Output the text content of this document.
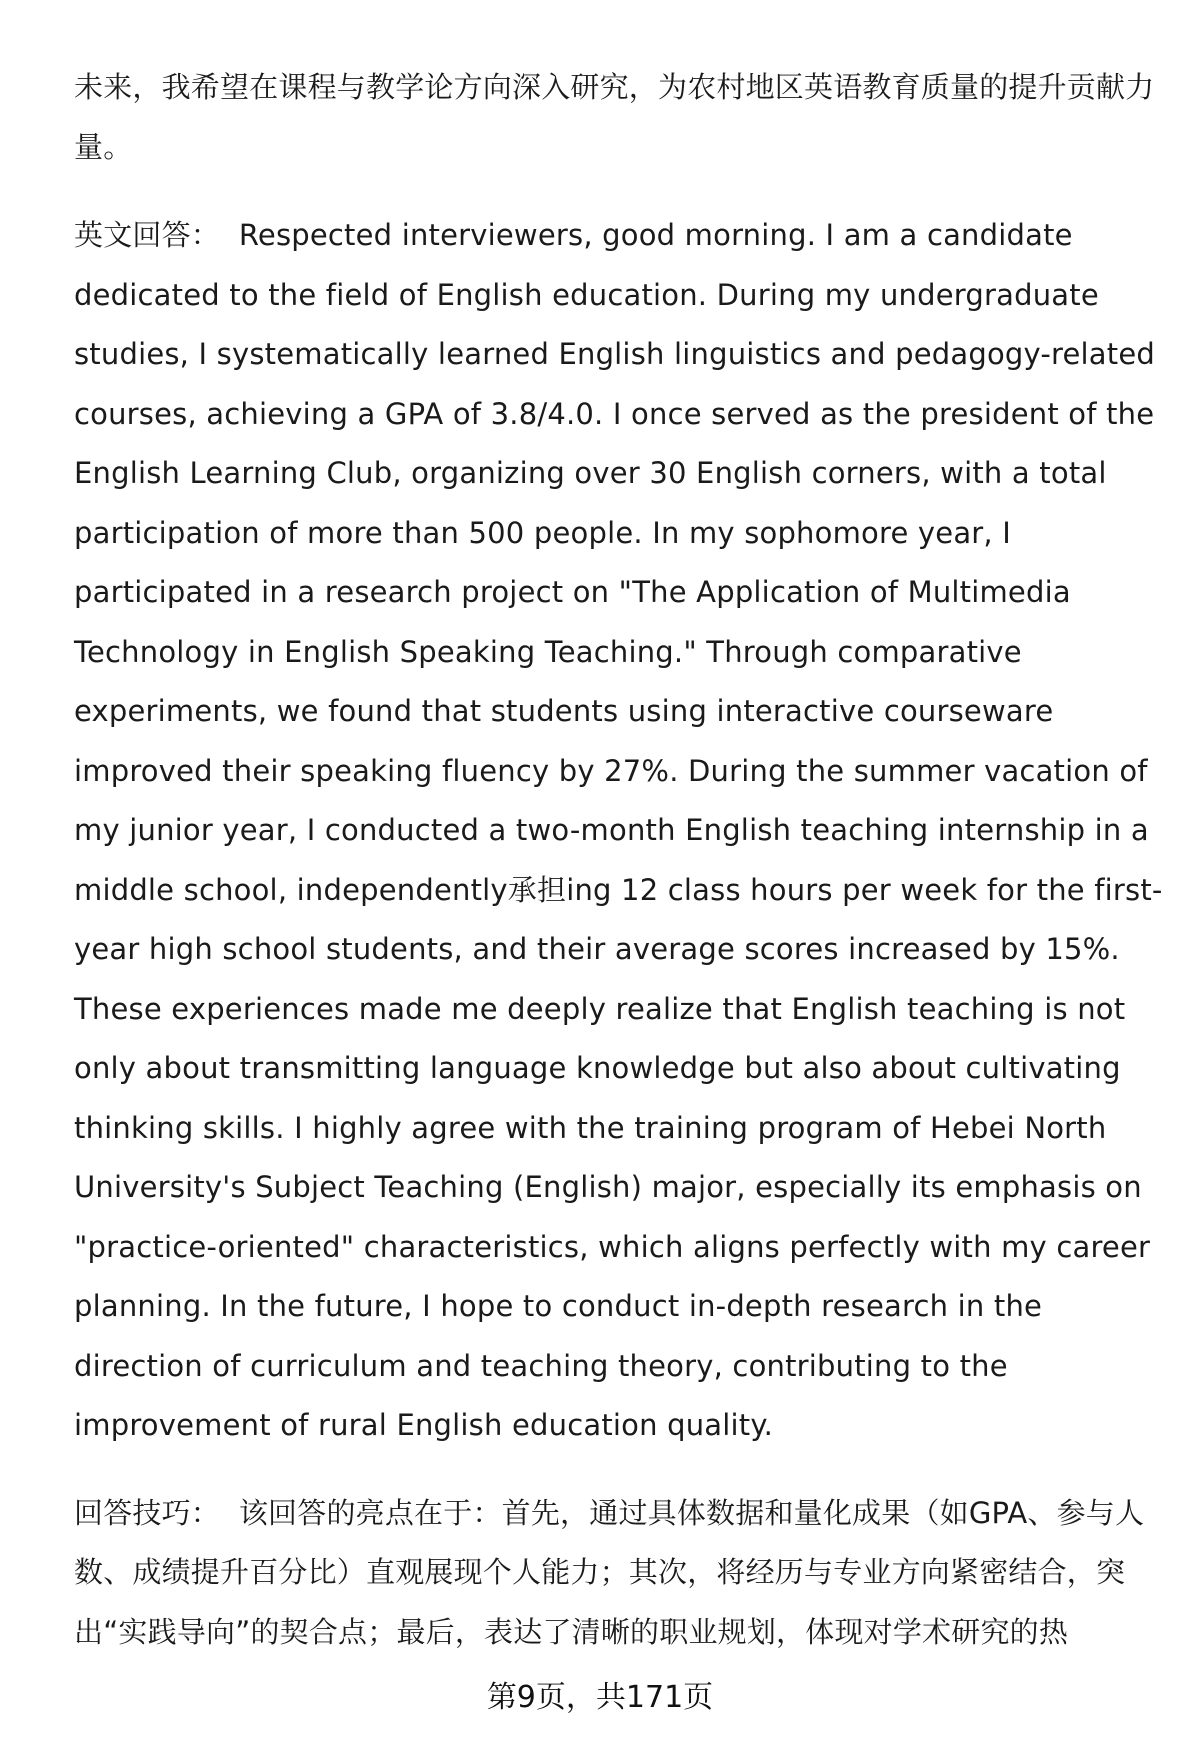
未来，我希望在课程与教学论方向深入研究，为农村地区英语教育质量的提升贡献力量。

英文回答： Respected interviewers, good morning. I am a candidate dedicated to the field of English education. During my undergraduate studies, I systematically learned English linguistics and pedagogy-related courses, achieving a GPA of 3.8/4.0. I once served as the president of the English Learning Club, organizing over 30 English corners, with a total participation of more than 500 people. In my sophomore year, I participated in a research project on "The Application of Multimedia Technology in English Speaking Teaching." Through comparative experiments, we found that students using interactive courseware improved their speaking fluency by 27%. During the summer vacation of my junior year, I conducted a two-month English teaching internship in a middle school, independently承担ing 12 class hours per week for the first-year high school students, and their average scores increased by 15%. These experiences made me deeply realize that English teaching is not only about transmitting language knowledge but also about cultivating thinking skills. I highly agree with the training program of Hebei North University's Subject Teaching (English) major, especially its emphasis on "practice-oriented" characteristics, which aligns perfectly with my career planning. In the future, I hope to conduct in-depth research in the direction of curriculum and teaching theory, contributing to the improvement of rural English education quality.

回答技巧： 该回答的亮点在于：首先，通过具体数据和量化成果（如GPA、参与人数、成绩提升百分比）直观展现个人能力；其次，将经历与专业方向紧密结合，突出“实践导向”的契合点；最后，表达了清晰的职业规划，体现对学术研究的热

第9页，共171页
